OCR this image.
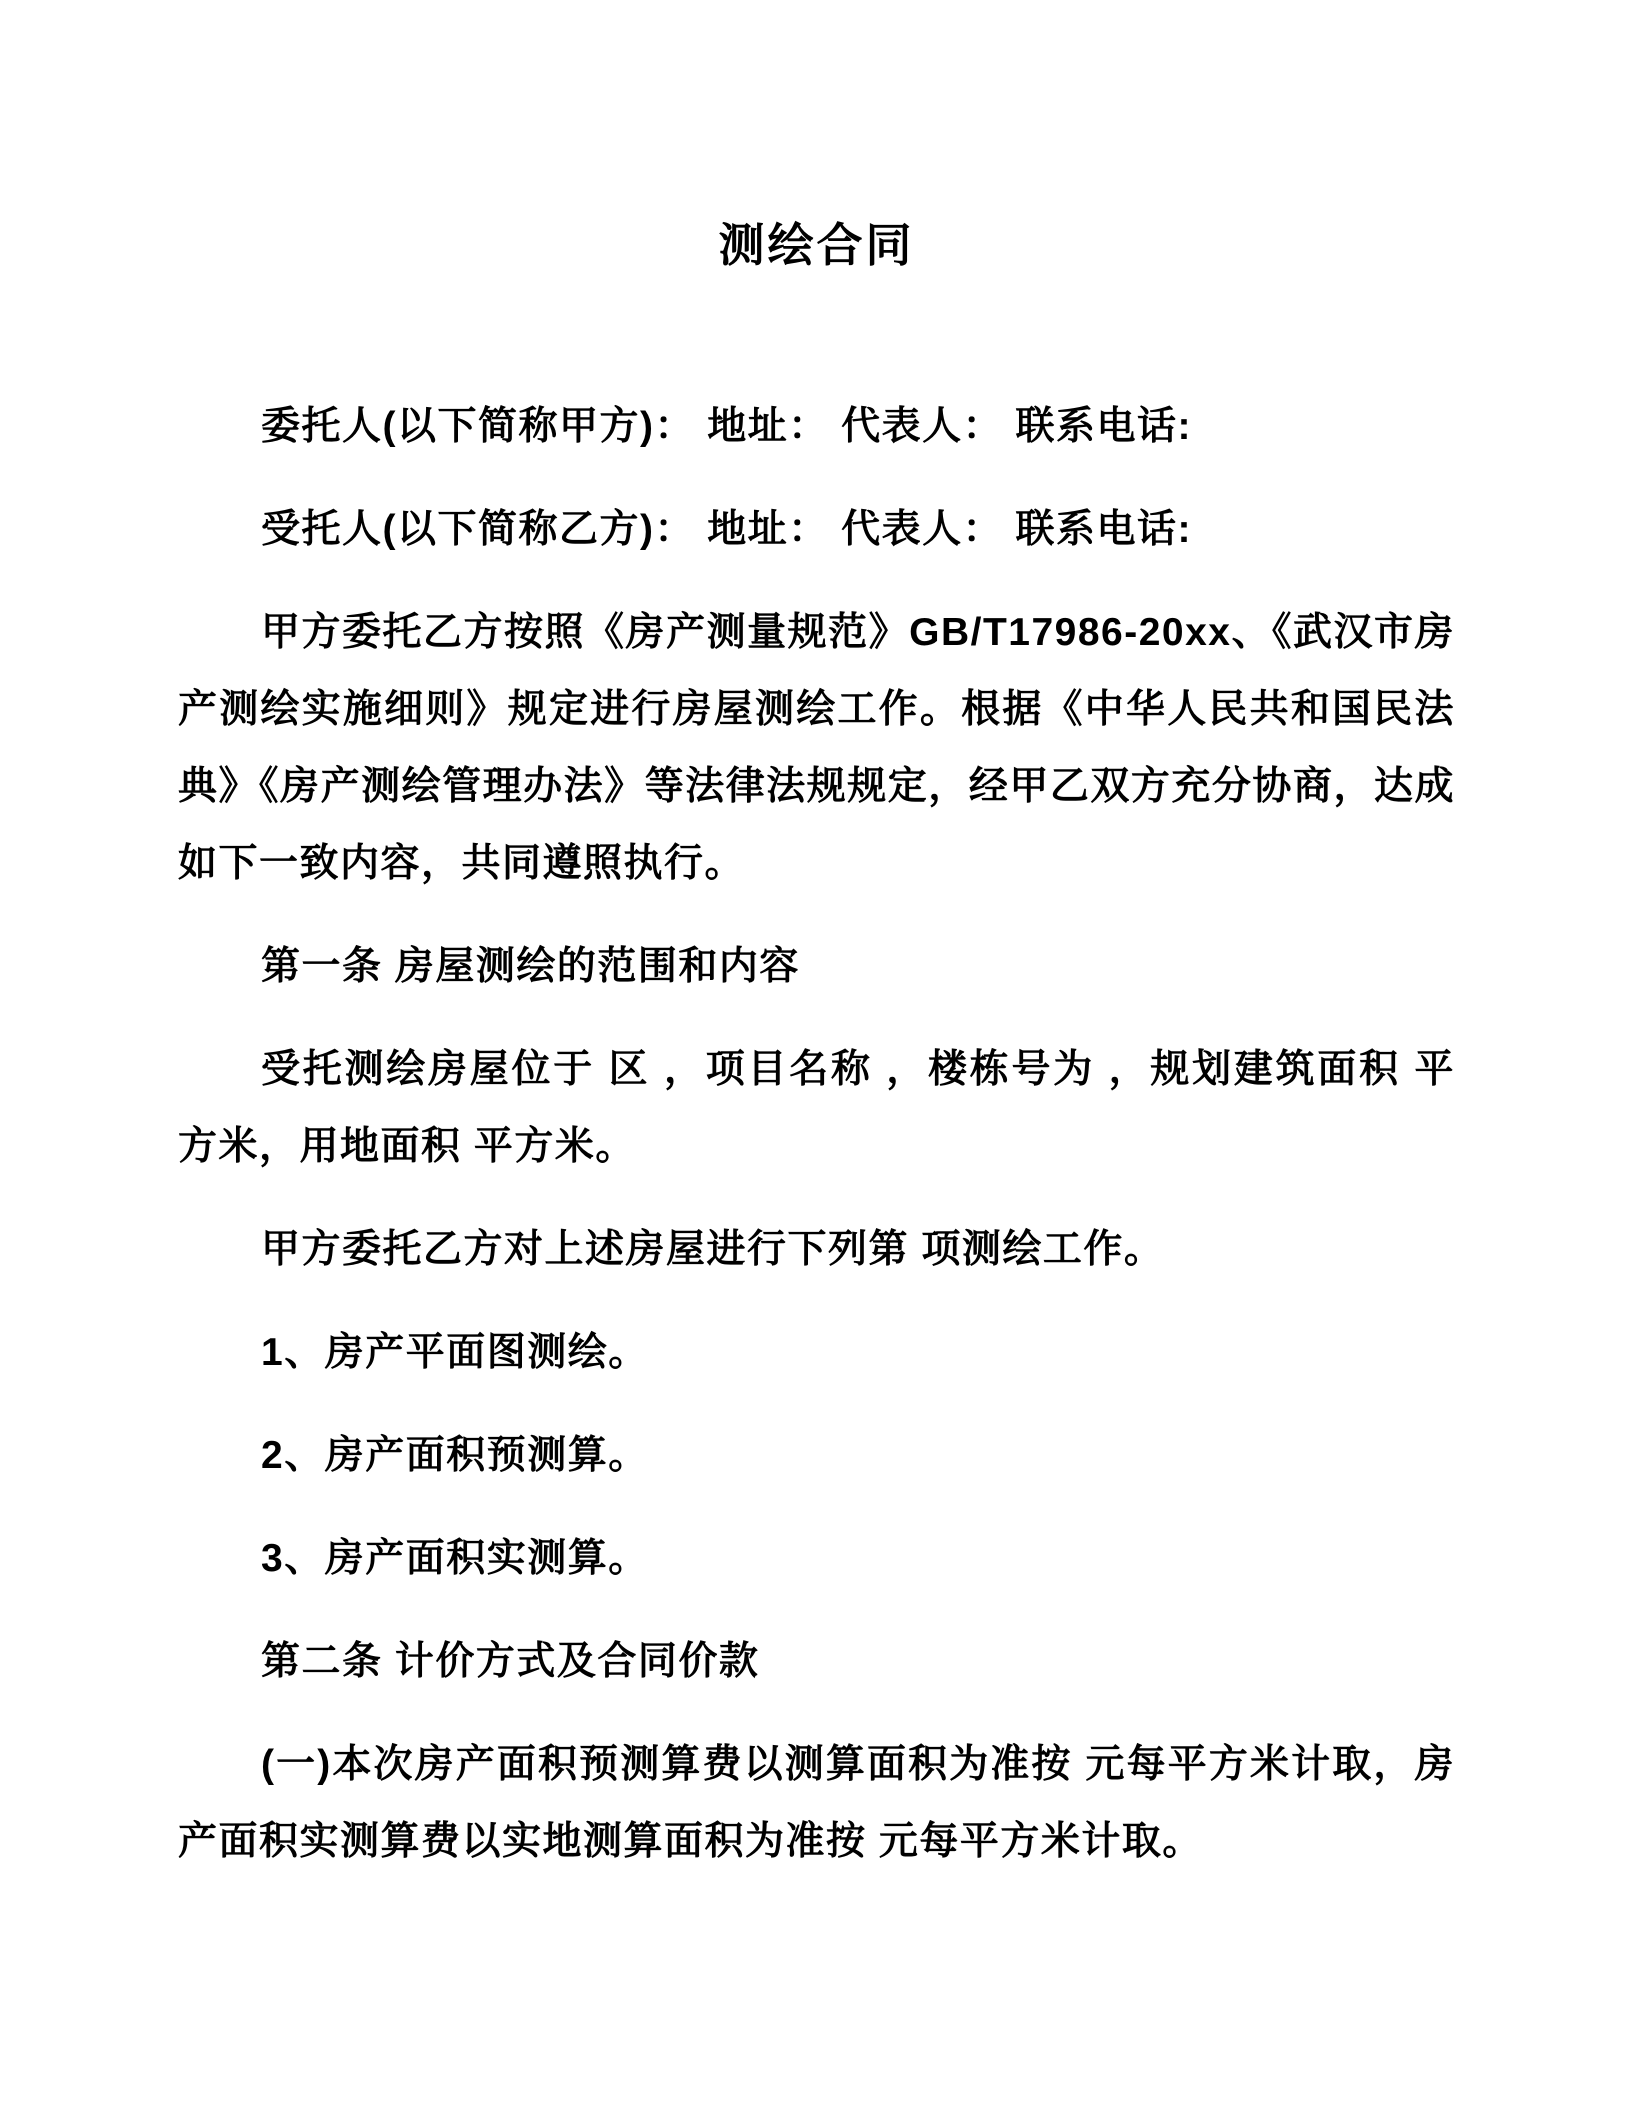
测绘合同

委托人(以下简称甲方)： 地址： 代表人： 联系电话:

受托人(以下简称乙方)： 地址： 代表人： 联系电话:

甲方委托乙方按照《房产测量规范》GB/T17986-20xx、《武汉市房产测绘实施细则》规定进行房屋测绘工作。根据《中华人民共和国民法典》《房产测绘管理办法》等法律法规规定，经甲乙双方充分协商，达成如下一致内容，共同遵照执行。

第一条 房屋测绘的范围和内容

受托测绘房屋位于 区 ，项目名称 ，楼栋号为 ，规划建筑面积 平方米，用地面积 平方米。

甲方委托乙方对上述房屋进行下列第 项测绘工作。

1、房产平面图测绘。

2、房产面积预测算。

3、房产面积实测算。

第二条 计价方式及合同价款

(一)本次房产面积预测算费以测算面积为准按 元每平方米计取，房产面积实测算费以实地测算面积为准按 元每平方米计取。
